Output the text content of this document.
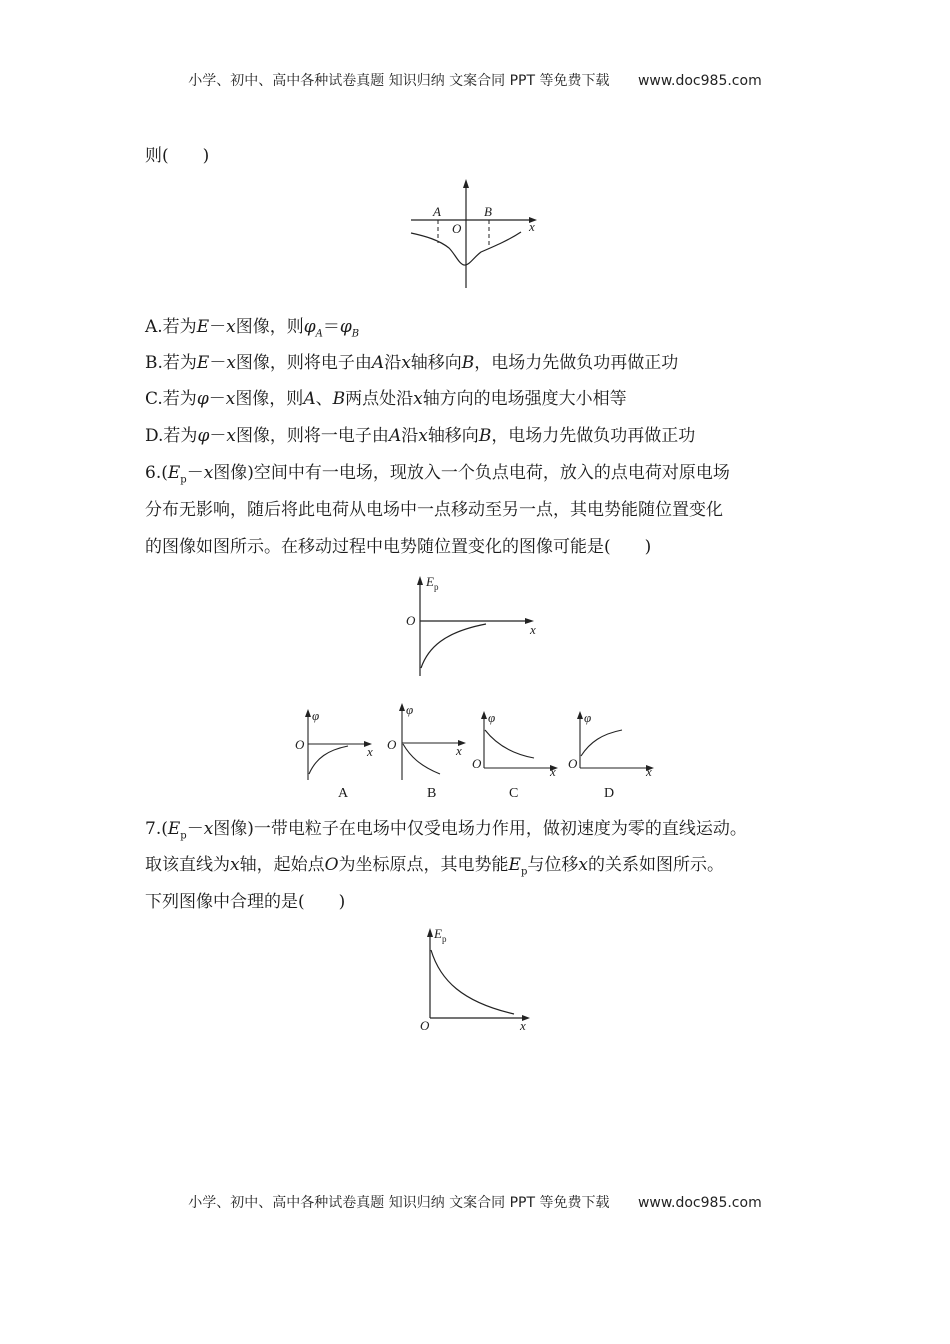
小学、初中、高中各种试卷真题 知识归纳 文案合同 PPT 等免费下载 www.doc985.com
则(　　)
A	B
O	x
A.若为E－x图像，则$\varphi_A=\varphi_B$
B.若为E－x图像，则将电子由A沿x轴移向B，电场力先做负功再做正功
C.若为φ－x图像，则A、B两点处沿x轴方向的电场强度大小相等
D.若为φ－x图像，则将一电子由A沿x轴移向B，电场力先做负功再做正功
$6.(E_p-x$图像)空间中有一电场，现放入一个负点电荷，放入的点电荷对原电场
分布无影响，随后将此电荷从电场中一点移动至另一点，其电势能随位置变化
的图像如图所示。在移动过程中电势随位置变化的图像可能是(　　)
$E_p$
O
x
φ
O	x
A
φ
O	x
B
φ
O
x
C
φ
O
x
D
$7.(E_p-x$图像)一带电粒子在电场中仅受电场力作用，做初速度为零的直线运动。
取该直线为x轴，起始点O为坐标原点，其电势能$E_p$与位移x的关系如图所示。
下列图像中合理的是(　　)
$E_p$
O	x
小学、初中、高中各种试卷真题 知识归纳 文案合同 PPT 等免费下载 www.doc985.com
